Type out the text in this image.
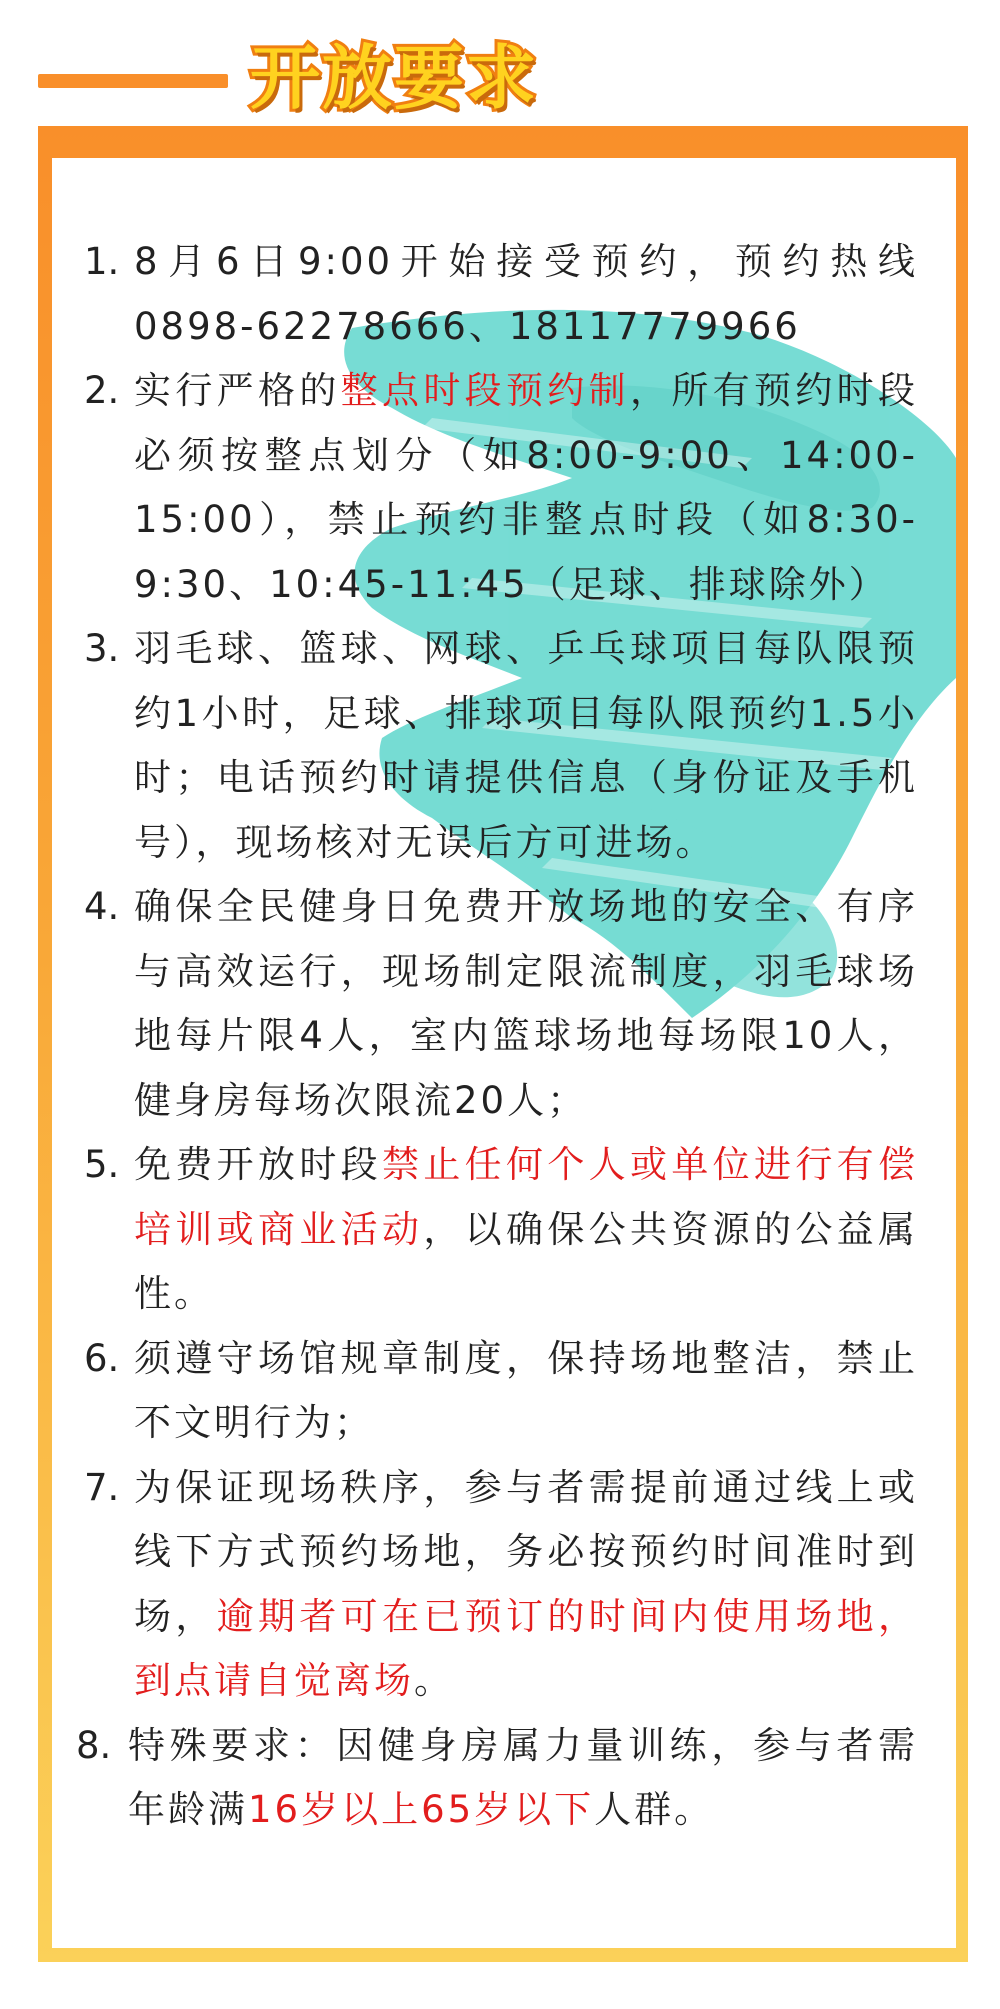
开放要求
1. 8月6日9:00开始接受预约，预约热线 0898-62278666、18117779966
2. 实行严格的整点时段预约制，所有预约时段必须按整点划分（如8:00-9:00、14:00-15:00），禁止预约非整点时段（如8:30-9:30、10:45-11:45（足球、排球除外）
3. 羽毛球、篮球、网球、乒乓球项目每队限预约1小时，足球、排球项目每队限预约1.5小时；电话预约时请提供信息（身份证及手机号），现场核对无误后方可进场。
4. 确保全民健身日免费开放场地的安全、有序与高效运行，现场制定限流制度，羽毛球场地每片限4人，室内篮球场地每场限10人，健身房每场次限流20人；
5. 免费开放时段禁止任何个人或单位进行有偿培训或商业活动，以确保公共资源的公益属性。
6. 须遵守场馆规章制度，保持场地整洁，禁止不文明行为；
7. 为保证现场秩序，参与者需提前通过线上或线下方式预约场地，务必按预约时间准时到场，逾期者可在已预订的时间内使用场地，到点请自觉离场。
8. 特殊要求：因健身房属力量训练，参与者需年龄满16岁以上65岁以下人群。
